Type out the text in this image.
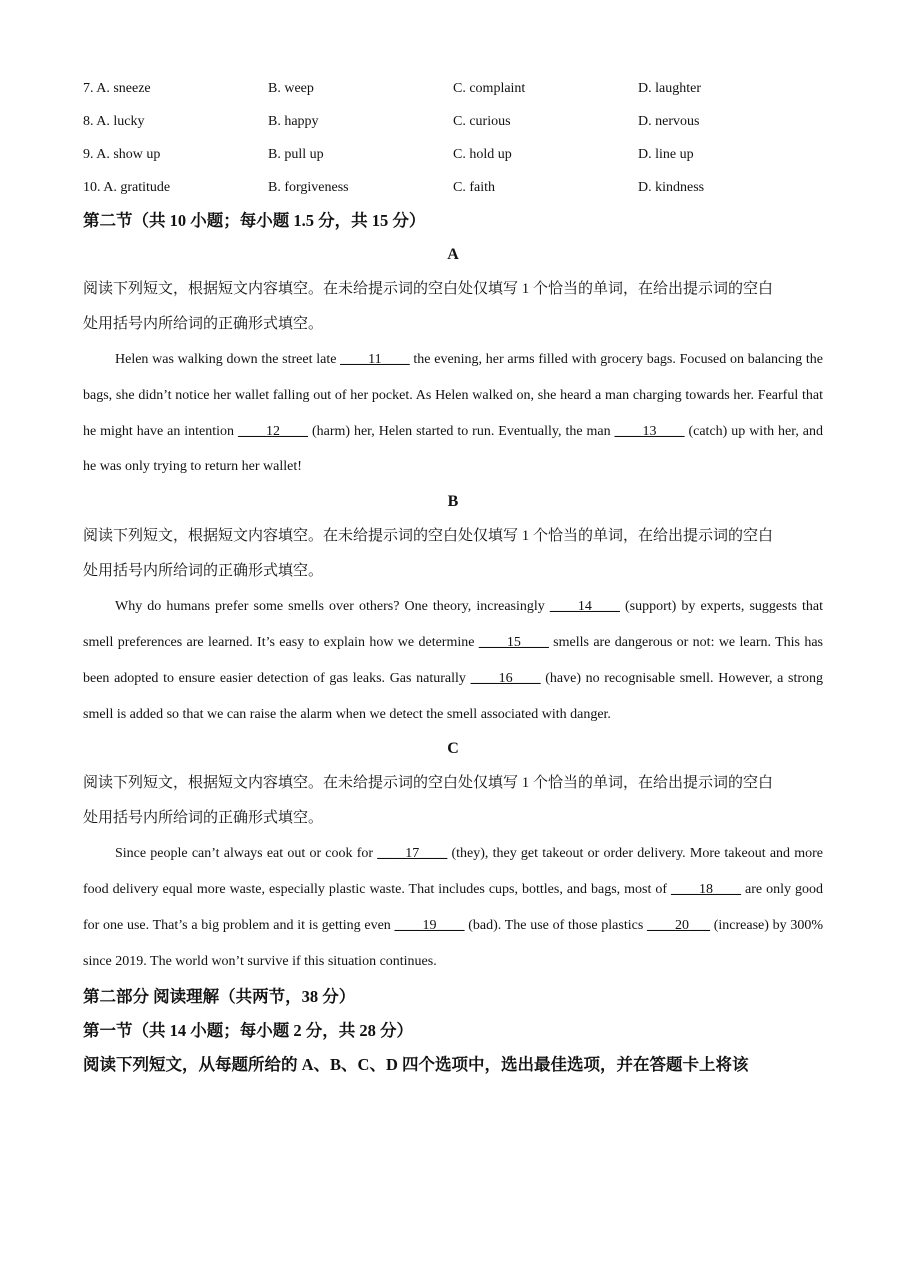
7. A. sneeze	B. weep	C. complaint	D. laughter
8. A. lucky	B. happy	C. curious	D. nervous
9. A. show up	B. pull up	C. hold up	D. line up
10. A. gratitude	B. forgiveness	C. faith	D. kindness
第二节（共 10 小题；每小题 1.5 分，共 15 分）
A
阅读下列短文，根据短文内容填空。在未给提示词的空白处仅填写 1 个恰当的单词，在给出提示词的空白
处用括号内所给词的正确形式填空。

Helen was walking down the street late ____11____ the evening, her arms filled with grocery bags. Focused on balancing the bags, she didn’t notice her wallet falling out of her pocket. As Helen walked on, she heard a man charging towards her. Fearful that he might have an intention ____12____ (harm) her, Helen started to run. Eventually, the man ____13____ (catch) up with her, and he was only trying to return her wallet!

B
阅读下列短文，根据短文内容填空。在未给提示词的空白处仅填写 1 个恰当的单词，在给出提示词的空白
处用括号内所给词的正确形式填空。

Why do humans prefer some smells over others? One theory, increasingly ____14____ (support) by experts, suggests that smell preferences are learned. It’s easy to explain how we determine ____15____ smells are dangerous or not: we learn. This has been adopted to ensure easier detection of gas leaks. Gas naturally ____16____ (have) no recognisable smell. However, a strong smell is added so that we can raise the alarm when we detect the smell associated with danger.

C
阅读下列短文，根据短文内容填空。在未给提示词的空白处仅填写 1 个恰当的单词，在给出提示词的空白
处用括号内所给词的正确形式填空。

Since people can’t always eat out or cook for ____17____ (they), they get takeout or order delivery. More takeout and more food delivery equal more waste, especially plastic waste. That includes cups, bottles, and bags, most of ____18____ are only good for one use. That’s a big problem and it is getting even ____19____ (bad). The use of those plastics ____20___ (increase) by 300% since 2019. The world won’t survive if this situation continues.

第二部分 阅读理解（共两节，38 分）
第一节（共 14 小题；每小题 2 分，共 28 分）
阅读下列短文，从每题所给的 A、B、C、D 四个选项中，选出最佳选项，并在答题卡上将该
